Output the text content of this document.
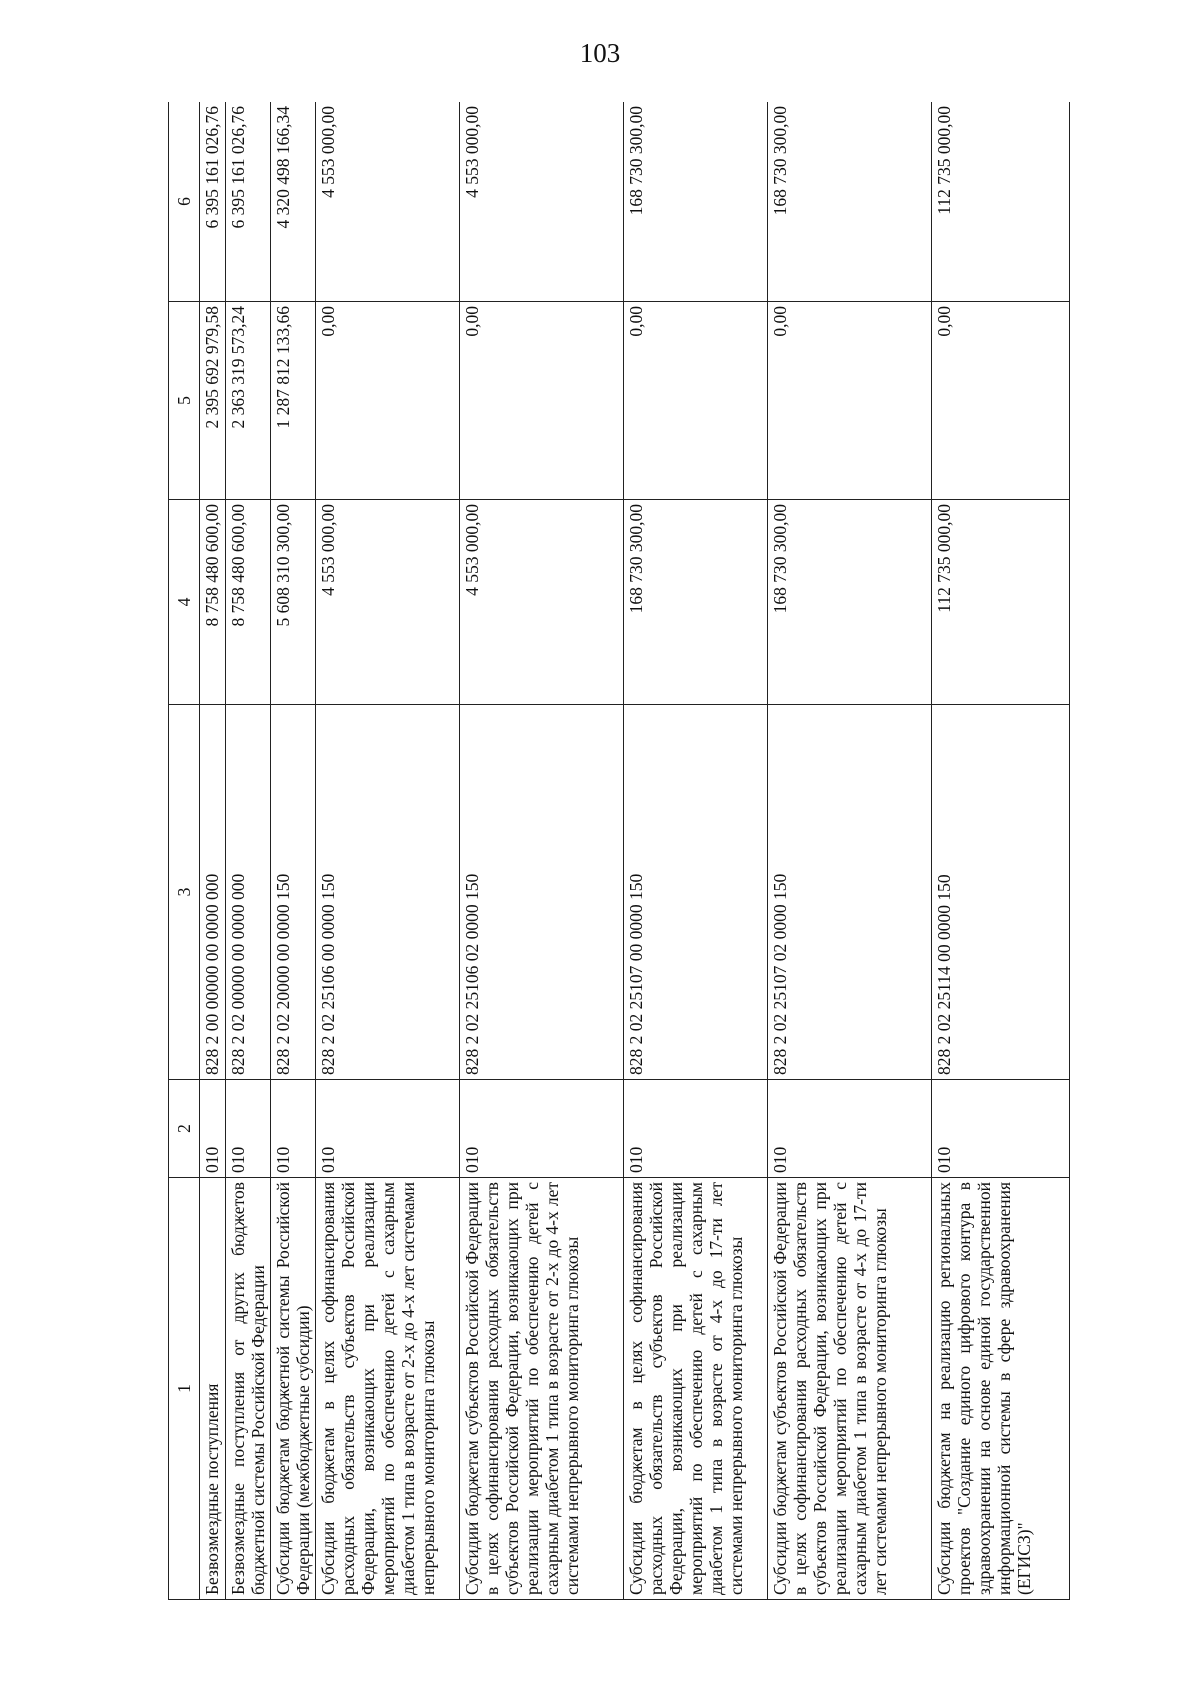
103
1	2	3	4	5	6
Безвозмездные поступления	010	828 2 00 00000 00 0000 000	8 758 480 600,00	2 395 692 979,58	6 395 161 026,76
Безвозмездные поступления от других бюджетов бюджетной системы Российской Федерации	010	828 2 02 00000 00 0000 000	8 758 480 600,00	2 363 319 573,24	6 395 161 026,76
Субсидии бюджетам бюджетной системы Российской Федерации (межбюджетные субсидии)	010	828 2 02 20000 00 0000 150	5 608 310 300,00	1 287 812 133,66	4 320 498 166,34
Субсидии бюджетам в целях софинансирования расходных обязательств субъектов Российской Федерации, возникающих при реализации мероприятий по обеспечению детей с сахарным диабетом 1 типа в возрасте от 2-х до 4-х лет системами непрерывного мониторинга глюкозы	010	828 2 02 25106 00 0000 150	4 553 000,00	0,00	4 553 000,00
Субсидии бюджетам субъектов Российской Федерации в целях софинансирования расходных обязательств субъектов Российской Федерации, возникающих при реализации мероприятий по обеспечению детей с сахарным диабетом 1 типа в возрасте от 2-х до 4-х лет системами непрерывного мониторинга глюкозы	010	828 2 02 25106 02 0000 150	4 553 000,00	0,00	4 553 000,00
Субсидии бюджетам в целях софинансирования расходных обязательств субъектов Российской Федерации, возникающих при реализации мероприятий по обеспечению детей с сахарным диабетом 1 типа в возрасте от 4-х до 17-ти лет системами непрерывного мониторинга глюкозы	010	828 2 02 25107 00 0000 150	168 730 300,00	0,00	168 730 300,00
Субсидии бюджетам субъектов Российской Федерации в целях софинансирования расходных обязательств субъектов Российской Федерации, возникающих при реализации мероприятий по обеспечению детей с сахарным диабетом 1 типа в возрасте от 4-х до 17-ти лет системами непрерывного мониторинга глюкозы	010	828 2 02 25107 02 0000 150	168 730 300,00	0,00	168 730 300,00
Субсидии бюджетам на реализацию региональных проектов "Создание единого цифрового контура в здравоохранении на основе единой государственной информационной системы в сфере здравоохранения (ЕГИСЗ)"	010	828 2 02 25114 00 0000 150	112 735 000,00	0,00	112 735 000,00
